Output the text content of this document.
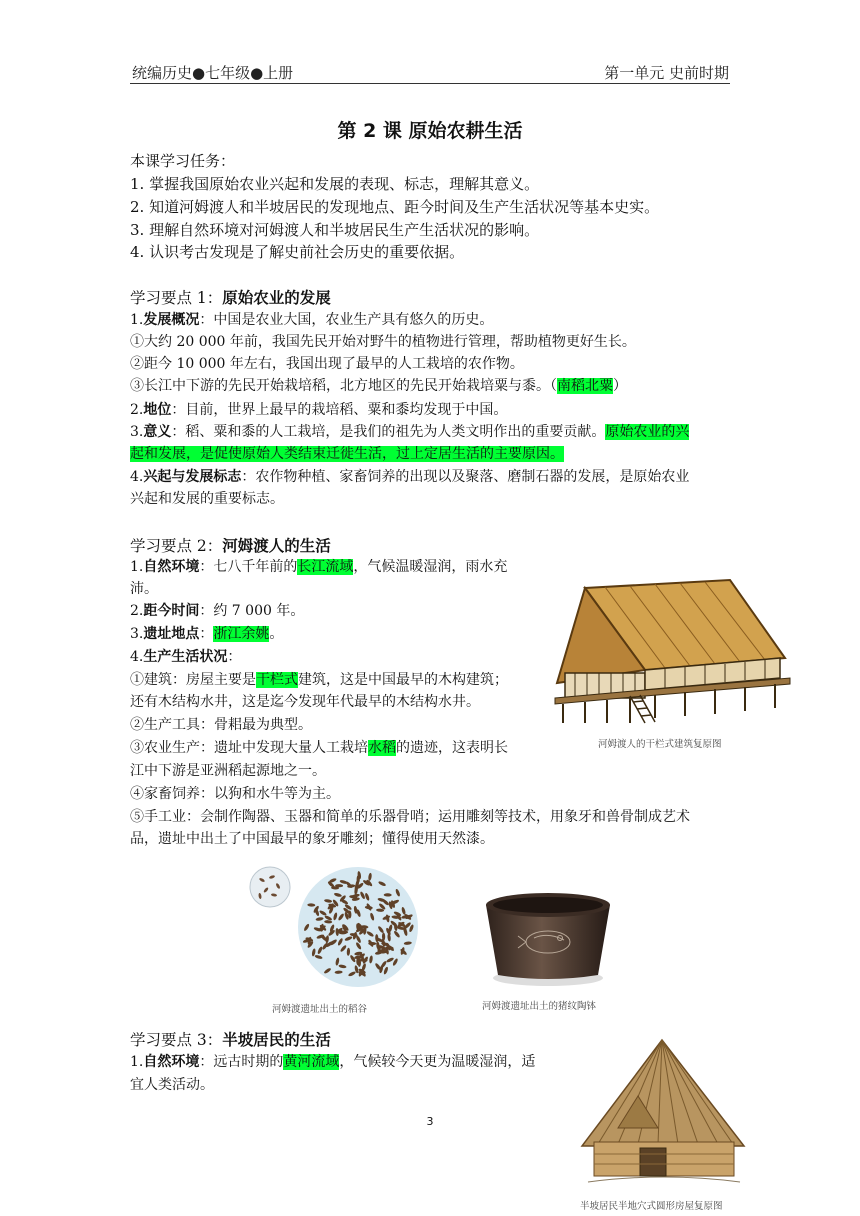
统编历史●七年级●上册	第一单元 史前时期
第 2 课 原始农耕生活
本课学习任务：
1. 掌握我国原始农业兴起和发展的表现、标志，理解其意义。
2. 知道河姆渡人和半坡居民的发现地点、距今时间及生产生活状况等基本史实。
3. 理解自然环境对河姆渡人和半坡居民生产生活状况的影响。
4. 认识考古发现是了解史前社会历史的重要依据。
学习要点 1：原始农业的发展
1.发展概况：中国是农业大国，农业生产具有悠久的历史。
①大约 20 000 年前，我国先民开始对野牛的植物进行管理，帮助植物更好生长。
②距今 10 000 年左右，我国出现了最早的人工栽培的农作物。
③长江中下游的先民开始栽培稻，北方地区的先民开始栽培粟与黍。（南稻北粟）
2.地位：目前，世界上最早的栽培稻、粟和黍均发现于中国。
3.意义：稻、粟和黍的人工栽培，是我们的祖先为人类文明作出的重要贡献。原始农业的兴
起和发展，是促使原始人类结束迁徙生活，过上定居生活的主要原因。
4.兴起与发展标志：农作物种植、家畜饲养的出现以及聚落、磨制石器的发展，是原始农业
兴起和发展的重要标志。
学习要点 2：河姆渡人的生活
1.自然环境：七八千年前的长江流域，气候温暖湿润，雨水充
沛。
2.距今时间：约 7 000 年。
3.遗址地点：浙江余姚。
4.生产生活状况：
①建筑：房屋主要是干栏式建筑，这是中国最早的木构建筑；
还有木结构水井，这是迄今发现年代最早的木结构水井。
②生产工具：骨耜最为典型。
③农业生产：遗址中发现大量人工栽培水稻的遗迹，这表明长
江中下游是亚洲稻起源地之一。
④家畜饲养：以狗和水牛等为主。
⑤手工业：会制作陶器、玉器和简单的乐器骨哨；运用雕刻等技术，用象牙和兽骨制成艺术
品，遗址中出土了中国最早的象牙雕刻；懂得使用天然漆。
河姆渡人的干栏式建筑复原图
河姆渡遗址出土的稻谷	河姆渡遗址出土的猪纹陶钵
学习要点 3：半坡居民的生活
1.自然环境：远古时期的黄河流域，气候较今天更为温暖湿润，适
宜人类活动。
半坡居民半地穴式圆形房屋复原图
3
